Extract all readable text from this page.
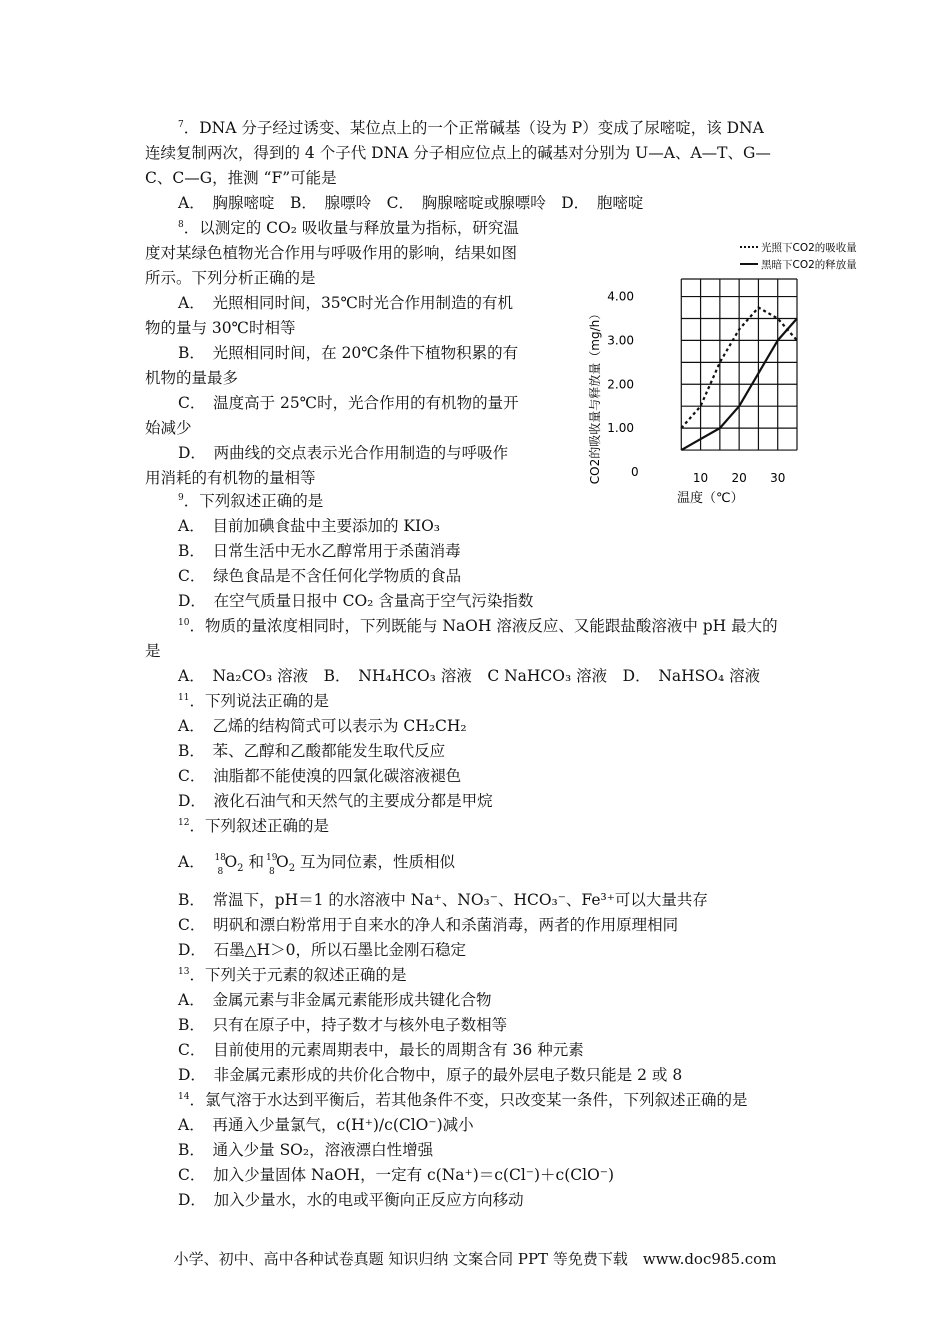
$^7$．DNA 分子经过诱变、某位点上的一个正常碱基（设为 P）变成了尿嘧啶，该 DNA
连续复制两次，得到的 4 个子代 DNA 分子相应位点上的碱基对分别为 U—A、A—T、G—
C、C—G，推测 “F”可能是
A．　胸腺嘧啶　B．　腺嘌呤　C．　胸腺嘧啶或腺嘌呤　D．　胞嘧啶
$^8$．以测定的 CO₂ 吸收量与释放量为指标，研究温
度对某绿色植物光合作用与呼吸作用的影响，结果如图
所示。下列分析正确的是
A．　光照相同时间，35℃时光合作用制造的有机
物的量与 30℃时相等
B．　光照相同时间，在 20℃条件下植物积累的有
机物的量最多
C．　温度高于 25℃时，光合作用的有机物的量开
始减少
D．　两曲线的交点表示光合作用制造的与呼吸作
用消耗的有机物的量相等	10 20 30
1.00
2.00
3.00
4.00
0
温度（℃）
CO2的吸收量与释放量（mg/h）
光照下CO2的吸收量
黑暗下CO2的释放量
$^9$．下列叙述正确的是
A．　目前加碘食盐中主要添加的 KIO₃
B．　日常生活中无水乙醇常用于杀菌消毒
C．　绿色食品是不含任何化学物质的食品
D．　在空气质量日报中 CO₂ 含量高于空气污染指数
$^{10}$．物质的量浓度相同时，下列既能与 NaOH 溶液反应、又能跟盐酸溶液中 pH 最大的
是
A．　Na₂CO₃ 溶液　B．　NH₄HCO₃ 溶液　C NaHCO₃ 溶液　D．　NaHSO₄ 溶液
$^{11}$．下列说法正确的是
A．　乙烯的结构简式可以表示为 CH₂CH₂
B．　苯、乙醇和乙酸都能发生取代反应
C．　油脂都不能使溴的四氯化碳溶液褪色
D．　液化石油气和天然气的主要成分都是甲烷
$^{12}$．下列叙述正确的是
A．　 18
8
$O_2$ 和 19
8
$O_2$ 互为同位素，性质相似
B．　常温下，pH＝1 的水溶液中 Na⁺、NO₃⁻、HCO₃⁻、Fe³⁺可以大量共存
C．　明矾和漂白粉常用于自来水的净人和杀菌消毒，两者的作用原理相同
D．　石墨△H＞0，所以石墨比金刚石稳定
$^{13}$．下列关于元素的叙述正确的是
A．　金属元素与非金属元素能形成共键化合物
B．　只有在原子中，持子数才与核外电子数相等
C．　目前使用的元素周期表中，最长的周期含有 36 种元素
D．　非金属元素形成的共价化合物中，原子的最外层电子数只能是 2 或 8
$^{14}$．氯气溶于水达到平衡后，若其他条件不变，只改变某一条件，下列叙述正确的是
A．　再通入少量氯气，c(H⁺)/c(ClO⁻)减小
B．　通入少量 SO₂，溶液漂白性增强
C．　加入少量固体 NaOH，一定有 c(Na⁺)＝c(Cl⁻)＋c(ClO⁻)
D．　加入少量水，水的电或平衡向正反应方向移动
小学、初中、高中各种试卷真题 知识归纳 文案合同 PPT 等免费下载　www.doc985.com
